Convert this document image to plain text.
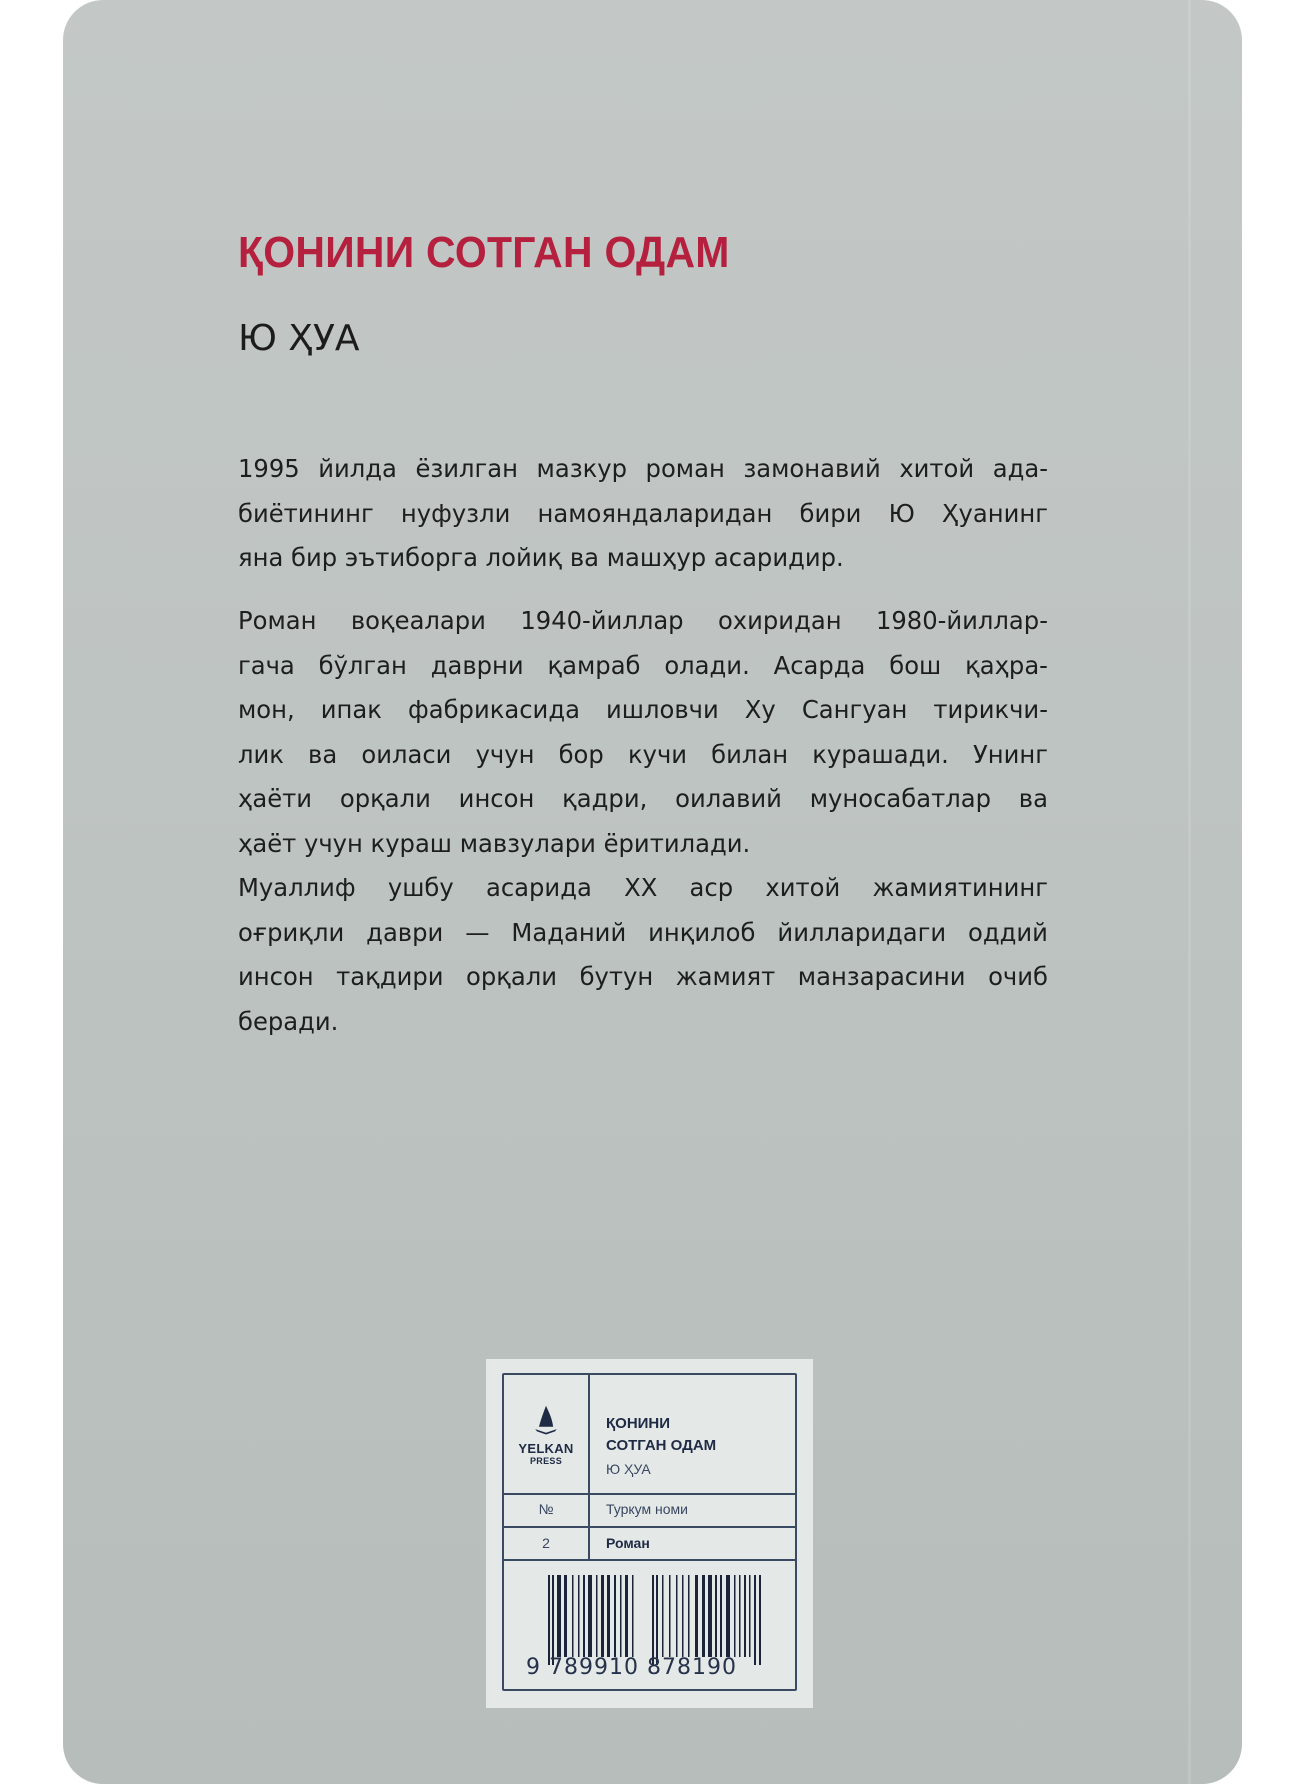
ҚОНИНИ СОТГАН ОДАМ
Ю ҲУА
1995 йилда ёзилган мазкур роман замонавий хитой ада-
биётининг нуфузли намояндаларидан бири Ю Ҳуанинг
яна бир эътиборга лойиқ ва машҳур асаридир.
Роман воқеалари 1940-йиллар охиридан 1980-йиллар-
гача бўлган даврни қамраб олади. Асарда бош қаҳра-
мон, ипак фабрикасида ишловчи Ху Сангуан тирикчи-
лик ва оиласи учун бор кучи билан курашади. Унинг
ҳаёти орқали инсон қадри, оилавий муносабатлар ва
ҳаёт учун кураш мавзулари ёритилади.
Муаллиф ушбу асарида XX аср хитой жамиятининг
оғриқли даври — Маданий инқилоб йилларидаги оддий
инсон тақдири орқали бутун жамият манзарасини очиб
беради.
YELKAN
PRESS
ҚОНИНИ
СОТГАН ОДАМ
Ю ҲУА
№	Туркум номи
2	Роман
9 789910 878190
